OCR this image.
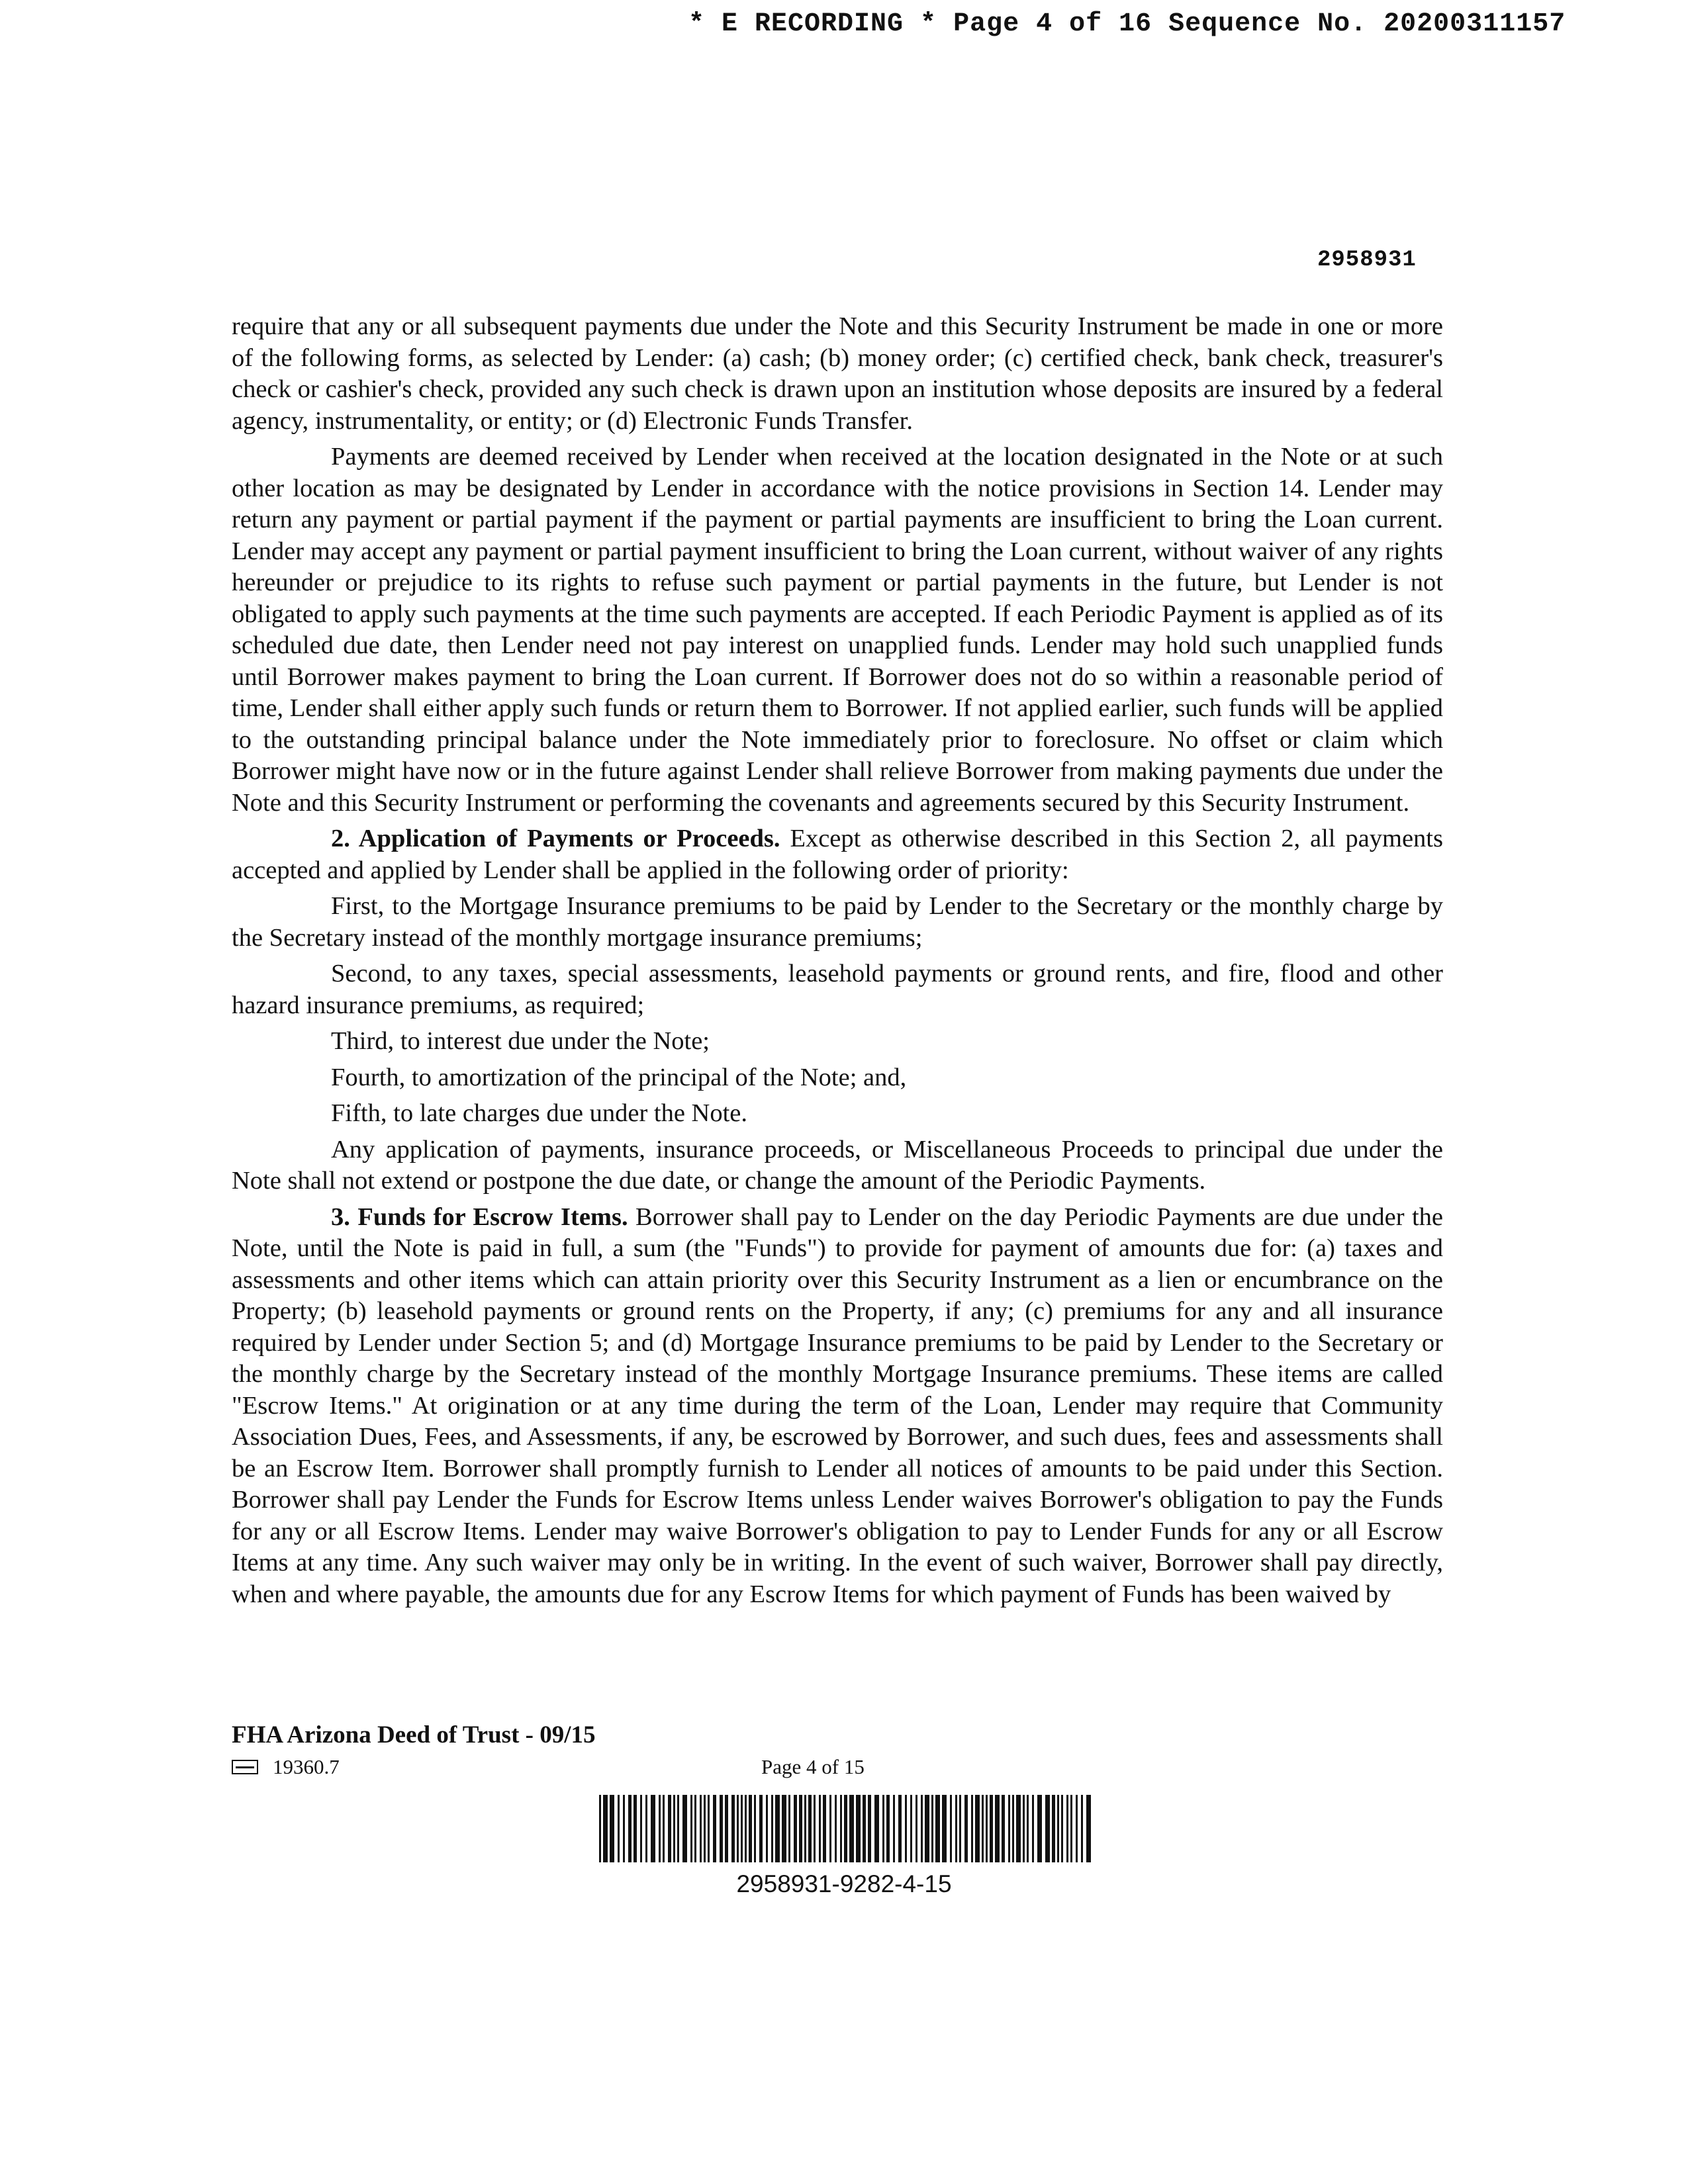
* E RECORDING * Page 4 of 16 Sequence No. 20200311157
2958931

require that any or all subsequent payments due under the Note and this Security Instrument be made in one or more of the following forms, as selected by Lender: (a) cash; (b) money order; (c) certified check, bank check, treasurer's check or cashier's check, provided any such check is drawn upon an institution whose deposits are insured by a federal agency, instrumentality, or entity; or (d) Electronic Funds Transfer.

Payments are deemed received by Lender when received at the location designated in the Note or at such other location as may be designated by Lender in accordance with the notice provisions in Section 14. Lender may return any payment or partial payment if the payment or partial payments are insufficient to bring the Loan current. Lender may accept any payment or partial payment insufficient to bring the Loan current, without waiver of any rights hereunder or prejudice to its rights to refuse such payment or partial payments in the future, but Lender is not obligated to apply such payments at the time such payments are accepted. If each Periodic Payment is applied as of its scheduled due date, then Lender need not pay interest on unapplied funds. Lender may hold such unapplied funds until Borrower makes payment to bring the Loan current. If Borrower does not do so within a reasonable period of time, Lender shall either apply such funds or return them to Borrower. If not applied earlier, such funds will be applied to the outstanding principal balance under the Note immediately prior to foreclosure. No offset or claim which Borrower might have now or in the future against Lender shall relieve Borrower from making payments due under the Note and this Security Instrument or performing the covenants and agreements secured by this Security Instrument.

2. Application of Payments or Proceeds. Except as otherwise described in this Section 2, all payments accepted and applied by Lender shall be applied in the following order of priority:

First, to the Mortgage Insurance premiums to be paid by Lender to the Secretary or the monthly charge by the Secretary instead of the monthly mortgage insurance premiums;

Second, to any taxes, special assessments, leasehold payments or ground rents, and fire, flood and other hazard insurance premiums, as required;

Third, to interest due under the Note;

Fourth, to amortization of the principal of the Note; and,

Fifth, to late charges due under the Note.

Any application of payments, insurance proceeds, or Miscellaneous Proceeds to principal due under the Note shall not extend or postpone the due date, or change the amount of the Periodic Payments.

3. Funds for Escrow Items. Borrower shall pay to Lender on the day Periodic Payments are due under the Note, until the Note is paid in full, a sum (the "Funds") to provide for payment of amounts due for: (a) taxes and assessments and other items which can attain priority over this Security Instrument as a lien or encumbrance on the Property; (b) leasehold payments or ground rents on the Property, if any; (c) premiums for any and all insurance required by Lender under Section 5; and (d) Mortgage Insurance premiums to be paid by Lender to the Secretary or the monthly charge by the Secretary instead of the monthly Mortgage Insurance premiums. These items are called "Escrow Items." At origination or at any time during the term of the Loan, Lender may require that Community Association Dues, Fees, and Assessments, if any, be escrowed by Borrower, and such dues, fees and assessments shall be an Escrow Item. Borrower shall promptly furnish to Lender all notices of amounts to be paid under this Section. Borrower shall pay Lender the Funds for Escrow Items unless Lender waives Borrower's obligation to pay the Funds for any or all Escrow Items. Lender may waive Borrower's obligation to pay to Lender Funds for any or all Escrow Items at any time. Any such waiver may only be in writing. In the event of such waiver, Borrower shall pay directly, when and where payable, the amounts due for any Escrow Items for which payment of Funds has been waived by

FHA Arizona Deed of Trust - 09/15
19360.7	Page 4 of 15
2958931-9282-4-15
